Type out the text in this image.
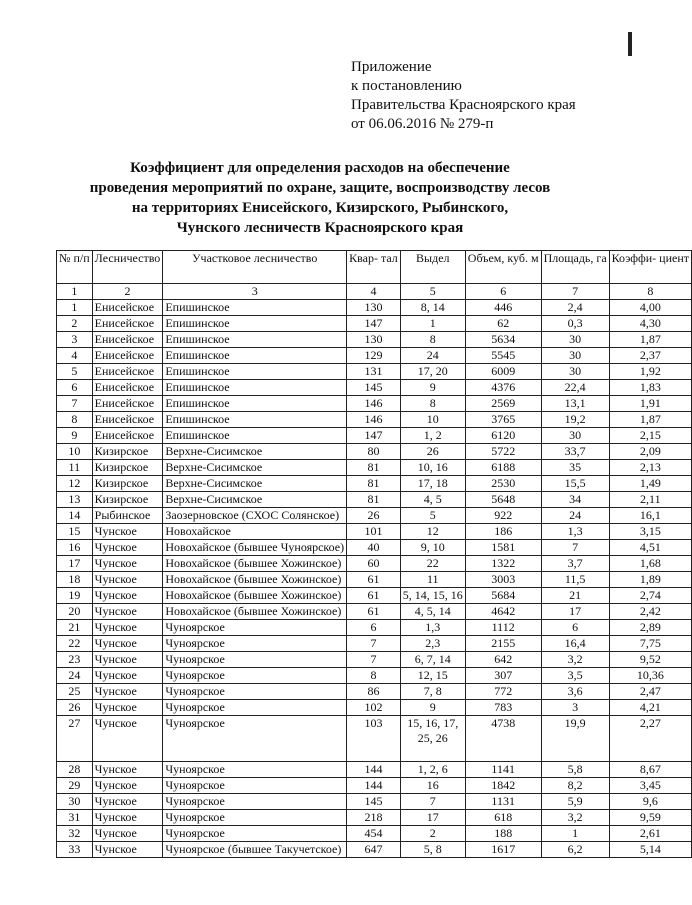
Приложение
к постановлению
Правительства Красноярского края
от 06.06.2016 № 279-п
Коэффициент для определения расходов на обеспечение
проведения мероприятий по охране, защите, воспроизводству лесов
на территориях Енисейского, Кизирского, Рыбинского,
Чунского лесничеств Красноярского края
№ п/п	Лесничество	Участковое лесничество	Квар- тал	Выдел	Объем, куб. м	Площадь, га	Коэффи- циент
1	2	3	4	5	6	7	8
1	Енисейское	Епишинское	130	8, 14	446	2,4	4,00
2	Енисейское	Епишинское	147	1	62	0,3	4,30
3	Енисейское	Епишинское	130	8	5634	30	1,87
4	Енисейское	Епишинское	129	24	5545	30	2,37
5	Енисейское	Епишинское	131	17, 20	6009	30	1,92
6	Енисейское	Епишинское	145	9	4376	22,4	1,83
7	Енисейское	Епишинское	146	8	2569	13,1	1,91
8	Енисейское	Епишинское	146	10	3765	19,2	1,87
9	Енисейское	Епишинское	147	1, 2	6120	30	2,15
10	Кизирское	Верхне-Сисимское	80	26	5722	33,7	2,09
11	Кизирское	Верхне-Сисимское	81	10, 16	6188	35	2,13
12	Кизирское	Верхне-Сисимское	81	17, 18	2530	15,5	1,49
13	Кизирское	Верхне-Сисимское	81	4, 5	5648	34	2,11
14	Рыбинское	Заозерновское (СХОС Солянское)	26	5	922	24	16,1
15	Чунское	Новохайское	101	12	186	1,3	3,15
16	Чунское	Новохайское (бывшее Чуноярское)	40	9, 10	1581	7	4,51
17	Чунское	Новохайское (бывшее Хожинское)	60	22	1322	3,7	1,68
18	Чунское	Новохайское (бывшее Хожинское)	61	11	3003	11,5	1,89
19	Чунское	Новохайское (бывшее Хожинское)	61	5, 14, 15, 16	5684	21	2,74
20	Чунское	Новохайское (бывшее Хожинское)	61	4, 5, 14	4642	17	2,42
21	Чунское	Чуноярское	6	1,3	1112	6	2,89
22	Чунское	Чуноярское	7	2,3	2155	16,4	7,75
23	Чунское	Чуноярское	7	6, 7, 14	642	3,2	9,52
24	Чунское	Чуноярское	8	12, 15	307	3,5	10,36
25	Чунское	Чуноярское	86	7, 8	772	3,6	2,47
26	Чунское	Чуноярское	102	9	783	3	4,21
27	Чунское	Чуноярское	103	15, 16, 17, 25, 26	4738	19,9	2,27
28	Чунское	Чуноярское	144	1, 2, 6	1141	5,8	8,67
29	Чунское	Чуноярское	144	16	1842	8,2	3,45
30	Чунское	Чуноярское	145	7	1131	5,9	9,6
31	Чунское	Чуноярское	218	17	618	3,2	9,59
32	Чунское	Чуноярское	454	2	188	1	2,61
33	Чунское	Чуноярское (бывшее Такучетское)	647	5, 8	1617	6,2	5,14
